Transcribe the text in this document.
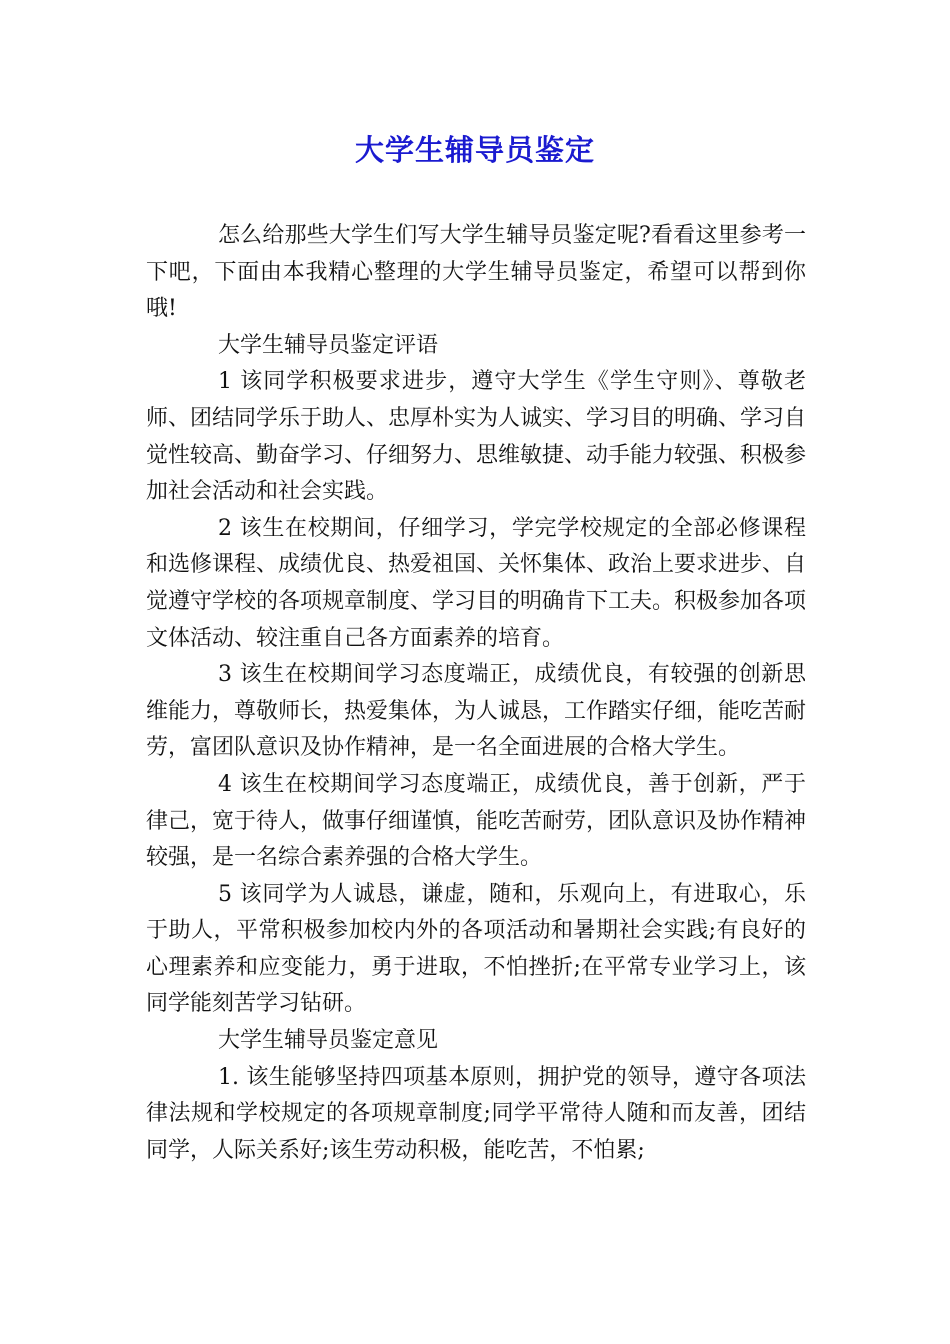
大学生辅导员鉴定

怎么给那些大学生们写大学生辅导员鉴定呢?看看这里参考一下吧，下面由本我精心整理的大学生辅导员鉴定，希望可以帮到你哦!

大学生辅导员鉴定评语

1 该同学积极要求进步，遵守大学生《学生守则》、尊敬老师、团结同学乐于助人、忠厚朴实为人诚实、学习目的明确、学习自觉性较高、勤奋学习、仔细努力、思维敏捷、动手能力较强、积极参加社会活动和社会实践。

2 该生在校期间，仔细学习，学完学校规定的全部必修课程和选修课程、成绩优良、热爱祖国、关怀集体、政治上要求进步、自觉遵守学校的各项规章制度、学习目的明确肯下工夫。积极参加各项文体活动、较注重自己各方面素养的培育。

3 该生在校期间学习态度端正，成绩优良，有较强的创新思维能力，尊敬师长，热爱集体，为人诚恳，工作踏实仔细，能吃苦耐劳，富团队意识及协作精神，是一名全面进展的合格大学生。

4 该生在校期间学习态度端正，成绩优良，善于创新，严于律己，宽于待人，做事仔细谨慎，能吃苦耐劳，团队意识及协作精神较强，是一名综合素养强的合格大学生。

5 该同学为人诚恳，谦虚，随和，乐观向上，有进取心，乐于助人，平常积极参加校内外的各项活动和暑期社会实践;有良好的心理素养和应变能力，勇于进取，不怕挫折;在平常专业学习上，该同学能刻苦学习钻研。

大学生辅导员鉴定意见

1. 该生能够坚持四项基本原则，拥护党的领导，遵守各项法律法规和学校规定的各项规章制度;同学平常待人随和而友善，团结同学，人际关系好;该生劳动积极，能吃苦，不怕累;
